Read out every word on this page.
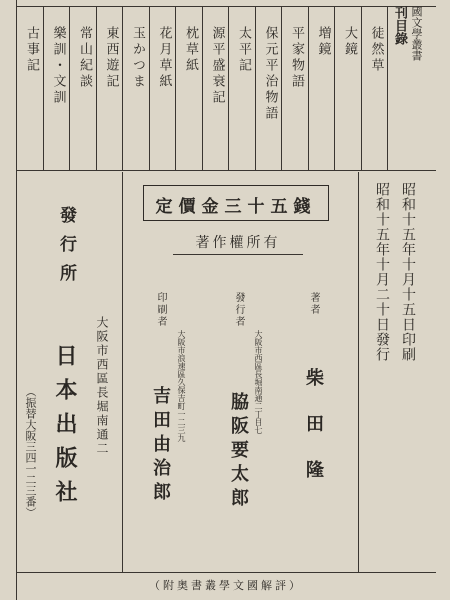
古事記 樂訓・文訓 常山紀談 東西遊記 玉かつま 花月草紙 枕草紙 源平盛衰記 太平記 保元平治物語 平家物語 増鏡 大鏡 徒然草
刊目錄 國文學叢書
定價金三十五錢
著作權所有	昭和十五年十月十五日印刷
昭和十五年十月二十日發行
著者
柴田隆
發行者
大阪市西區長堀南通二丁目七
脇阪要太郎
印刷者
大阪市浪速區久保吉町一二三九
吉田由治郎
發行所
大阪市西區長堀南通二
日本出版社
（振替大阪三四一二三番）
（附奥書叢學文國解評）
